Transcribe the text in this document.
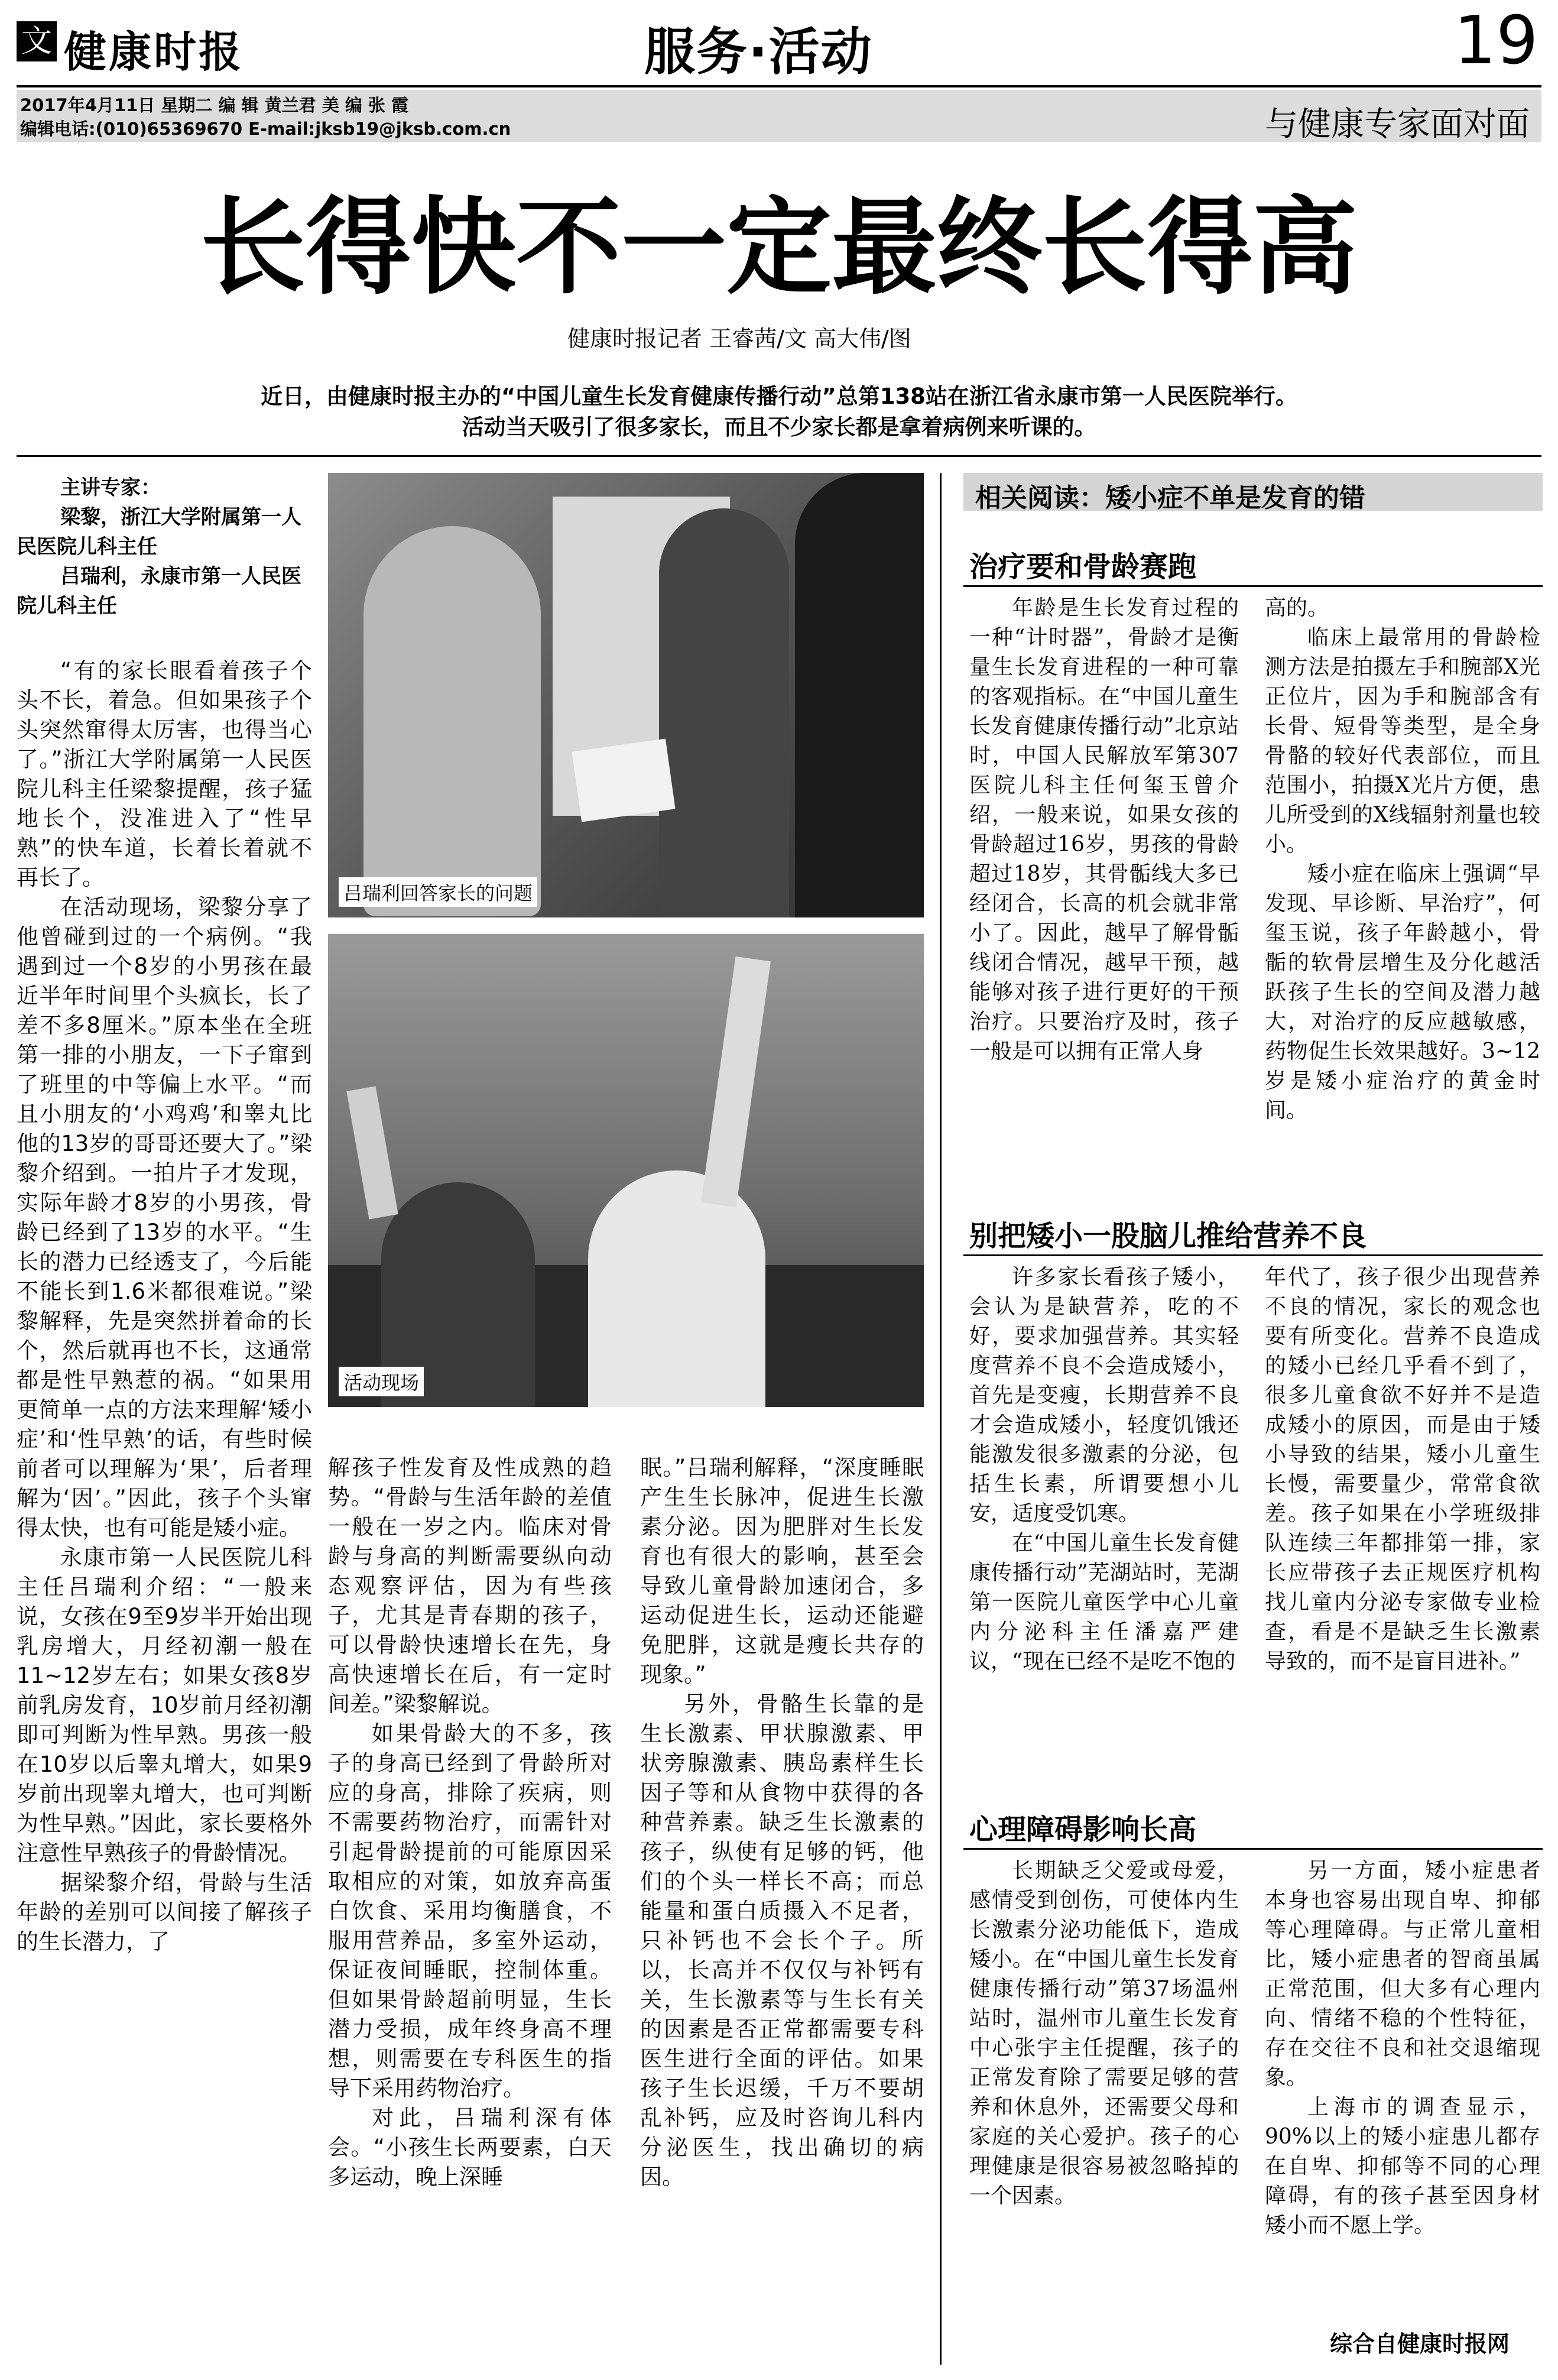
文 健康时报	服务·活动	19
2017年4月11日 星期二 编 辑 黄兰君 美 编 张 霞
编辑电话:(010)65369670 E-mail:jksb19@jksb.com.cn	与健康专家面对面
长得快不一定最终长得高
健康时报记者 王睿茜/文 高大伟/图
近日，由健康时报主办的“中国儿童生长发育健康传播行动”总第138站在浙江省永康市第一人民医院举行。
活动当天吸引了很多家长，而且不少家长都是拿着病例来听课的。
主讲专家：
梁黎，浙江大学附属第一人民医院儿科主任
吕瑞利，永康市第一人民医院儿科主任

“有的家长眼看着孩子个头不长，着急。但如果孩子个头突然窜得太厉害，也得当心了。”浙江大学附属第一人民医院儿科主任梁黎提醒，孩子猛地长个，没准进入了“性早熟”的快车道，长着长着就不再长了。

在活动现场，梁黎分享了他曾碰到过的一个病例。“我遇到过一个8岁的小男孩在最近半年时间里个头疯长，长了差不多8厘米。”原本坐在全班第一排的小朋友，一下子窜到了班里的中等偏上水平。“而且小朋友的‘小鸡鸡’和睾丸比他的13岁的哥哥还要大了。”梁黎介绍到。一拍片子才发现，实际年龄才8岁的小男孩，骨龄已经到了13岁的水平。“生长的潜力已经透支了，今后能不能长到1.6米都很难说。”梁黎解释，先是突然拼着命的长个，然后就再也不长，这通常都是性早熟惹的祸。“如果用更简单一点的方法来理解‘矮小症’和‘性早熟’的话，有些时候前者可以理解为‘果’，后者理解为‘因’。”因此，孩子个头窜得太快，也有可能是矮小症。

永康市第一人民医院儿科主任吕瑞利介绍：“一般来说，女孩在9至9岁半开始出现乳房增大，月经初潮一般在11~12岁左右；如果女孩8岁前乳房发育，10岁前月经初潮即可判断为性早熟。男孩一般在10岁以后睾丸增大，如果9岁前出现睾丸增大，也可判断为性早熟。”因此，家长要格外注意性早熟孩子的骨龄情况。

据梁黎介绍，骨龄与生活年龄的差别可以间接了解孩子的生长潜力，了

吕瑞利回答家长的问题
活动现场

解孩子性发育及性成熟的趋势。“骨龄与生活年龄的差值一般在一岁之内。临床对骨龄与身高的判断需要纵向动态观察评估，因为有些孩子，尤其是青春期的孩子，可以骨龄快速增长在先，身高快速增长在后，有一定时间差。”梁黎解说。

如果骨龄大的不多，孩子的身高已经到了骨龄所对应的身高，排除了疾病，则不需要药物治疗，而需针对引起骨龄提前的可能原因采取相应的对策，如放弃高蛋白饮食、采用均衡膳食，不服用营养品，多室外运动，保证夜间睡眠，控制体重。但如果骨龄超前明显，生长潜力受损，成年终身高不理想，则需要在专科医生的指导下采用药物治疗。

对此，吕瑞利深有体会。“小孩生长两要素，白天多运动，晚上深睡

眠。”吕瑞利解释，“深度睡眠产生生长脉冲，促进生长激素分泌。因为肥胖对生长发育也有很大的影响，甚至会导致儿童骨龄加速闭合，多运动促进生长，运动还能避免肥胖，这就是瘦长共存的现象。”

另外，骨骼生长靠的是生长激素、甲状腺激素、甲状旁腺激素、胰岛素样生长因子等和从食物中获得的各种营养素。缺乏生长激素的孩子，纵使有足够的钙，他们的个头一样长不高；而总能量和蛋白质摄入不足者，只补钙也不会长个子。所以，长高并不仅仅与补钙有关，生长激素等与生长有关的因素是否正常都需要专科医生进行全面的评估。如果孩子生长迟缓，千万不要胡乱补钙，应及时咨询儿科内分泌医生，找出确切的病因。

相关阅读：矮小症不单是发育的错
治疗要和骨龄赛跑

年龄是生长发育过程的一种“计时器”，骨龄才是衡量生长发育进程的一种可靠的客观指标。在“中国儿童生长发育健康传播行动”北京站时，中国人民解放军第307医院儿科主任何玺玉曾介绍，一般来说，如果女孩的骨龄超过16岁，男孩的骨龄超过18岁，其骨骺线大多已经闭合，长高的机会就非常小了。因此，越早了解骨骺线闭合情况，越早干预，越能够对孩子进行更好的干预治疗。只要治疗及时，孩子一般是可以拥有正常人身

高的。

临床上最常用的骨龄检测方法是拍摄左手和腕部X光正位片，因为手和腕部含有长骨、短骨等类型，是全身骨骼的较好代表部位，而且范围小，拍摄X光片方便，患儿所受到的X线辐射剂量也较小。

矮小症在临床上强调“早发现、早诊断、早治疗”，何玺玉说，孩子年龄越小，骨骺的软骨层增生及分化越活跃孩子生长的空间及潜力越大，对治疗的反应越敏感，药物促生长效果越好。3~12岁是矮小症治疗的黄金时间。

别把矮小一股脑儿推给营养不良

许多家长看孩子矮小，会认为是缺营养，吃的不好，要求加强营养。其实轻度营养不良不会造成矮小，首先是变瘦，长期营养不良才会造成矮小，轻度饥饿还能激发很多激素的分泌，包括生长素，所谓要想小儿安，适度受饥寒。

在“中国儿童生长发育健康传播行动”芜湖站时，芜湖第一医院儿童医学中心儿童内分泌科主任潘嘉严建议，“现在已经不是吃不饱的

年代了，孩子很少出现营养不良的情况，家长的观念也要有所变化。营养不良造成的矮小已经几乎看不到了，很多儿童食欲不好并不是造成矮小的原因，而是由于矮小导致的结果，矮小儿童生长慢，需要量少，常常食欲差。孩子如果在小学班级排队连续三年都排第一排，家长应带孩子去正规医疗机构找儿童内分泌专家做专业检查，看是不是缺乏生长激素导致的，而不是盲目进补。”

心理障碍影响长高

长期缺乏父爱或母爱，感情受到创伤，可使体内生长激素分泌功能低下，造成矮小。在“中国儿童生长发育健康传播行动”第37场温州站时，温州市儿童生长发育中心张宇主任提醒，孩子的正常发育除了需要足够的营养和休息外，还需要父母和家庭的关心爱护。孩子的心理健康是很容易被忽略掉的一个因素。

另一方面，矮小症患者本身也容易出现自卑、抑郁等心理障碍。与正常儿童相比，矮小症患者的智商虽属正常范围，但大多有心理内向、情绪不稳的个性特征，存在交往不良和社交退缩现象。

上海市的调查显示，90%以上的矮小症患儿都存在自卑、抑郁等不同的心理障碍，有的孩子甚至因身材矮小而不愿上学。

综合自健康时报网
